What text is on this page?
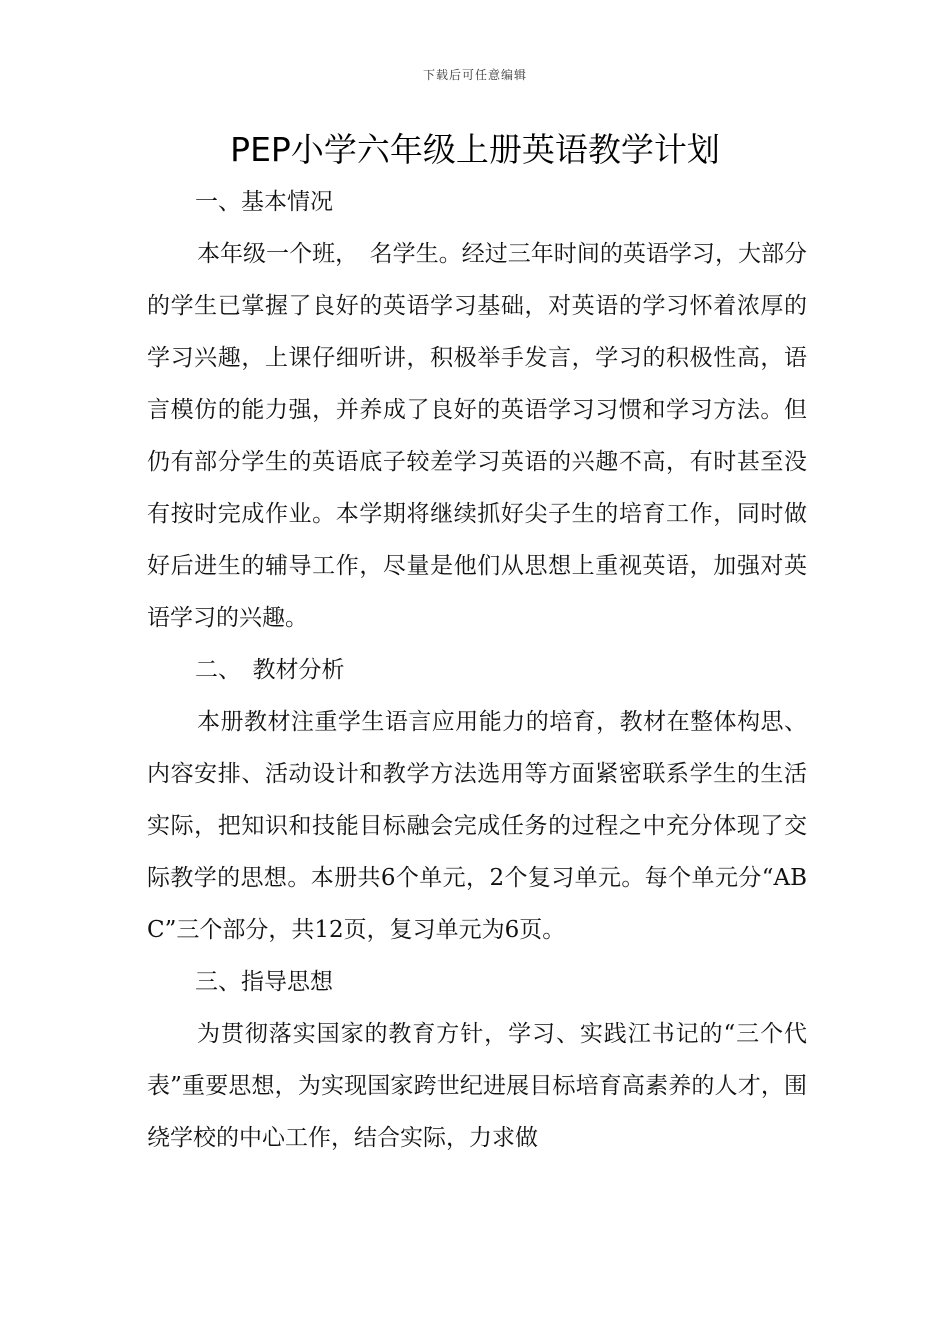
下载后可任意编辑
PEP小学六年级上册英语教学计划

一、基本情况

本年级一个班，　名学生。经过三年时间的英语学习，大部分的学生已掌握了良好的英语学习基础，对英语的学习怀着浓厚的学习兴趣，上课仔细听讲，积极举手发言，学习的积极性高，语言模仿的能力强，并养成了良好的英语学习习惯和学习方法。但仍有部分学生的英语底子较差学习英语的兴趣不高，有时甚至没有按时完成作业。本学期将继续抓好尖子生的培育工作，同时做好后进生的辅导工作，尽量是他们从思想上重视英语，加强对英语学习的兴趣。

二、　教材分析

本册教材注重学生语言应用能力的培育，教材在整体构思、内容安排、活动设计和教学方法选用等方面紧密联系学生的生活实际，把知识和技能目标融会完成任务的过程之中充分体现了交际教学的思想。本册共6个单元，2个复习单元。每个单元分“ABC”三个部分，共12页，复习单元为6页。

三、指导思想

为贯彻落实国家的教育方针，学习、实践江书记的“三个代表”重要思想，为实现国家跨世纪进展目标培育高素养的人才，围绕学校的中心工作，结合实际，力求做
